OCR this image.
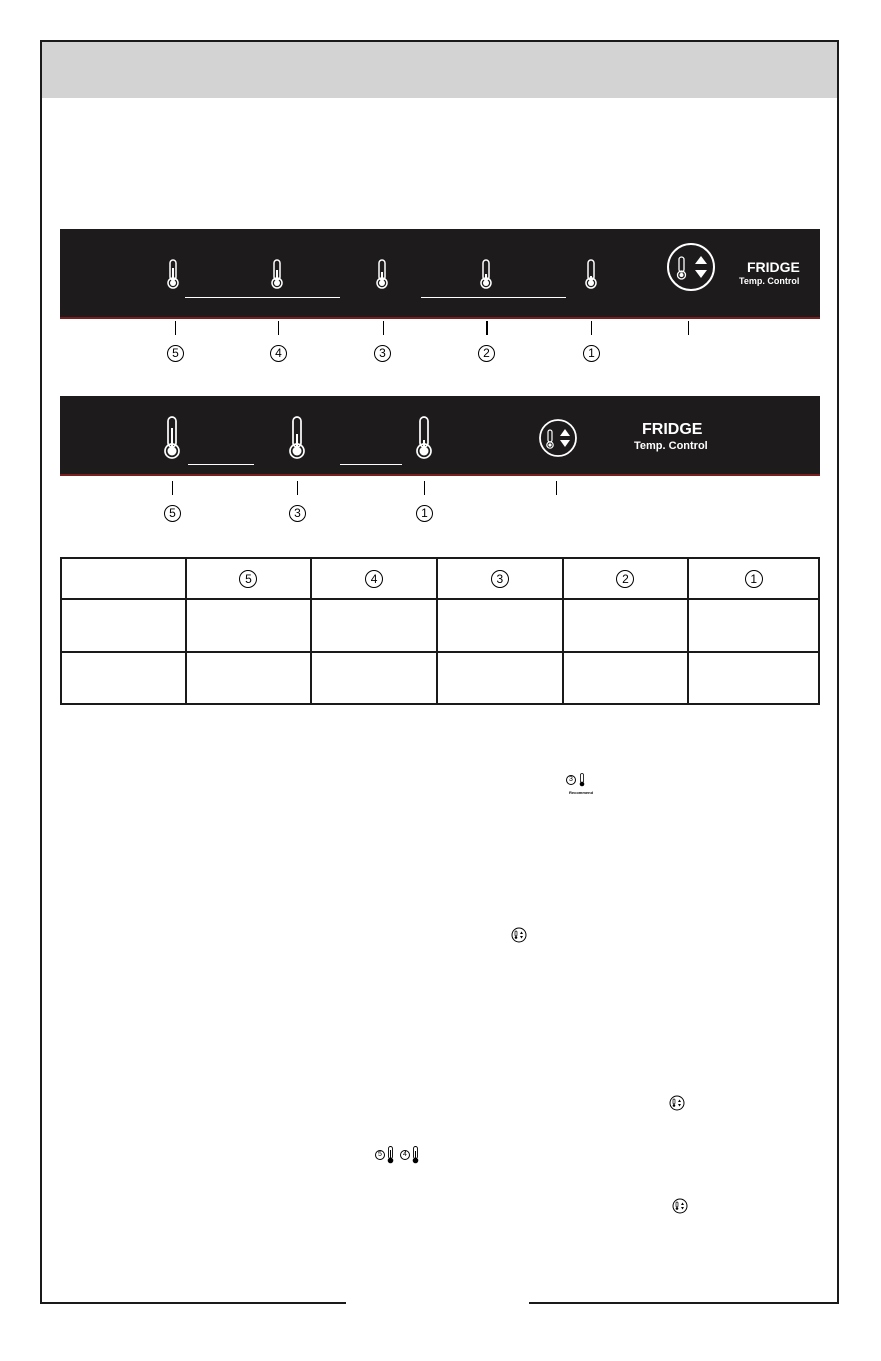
FRIDGE
Temp. Control
5	4	3	2	1
FRIDGE
Temp. Control
5	3	1
	5	4	3	2	1

3
Recommend
5	4
